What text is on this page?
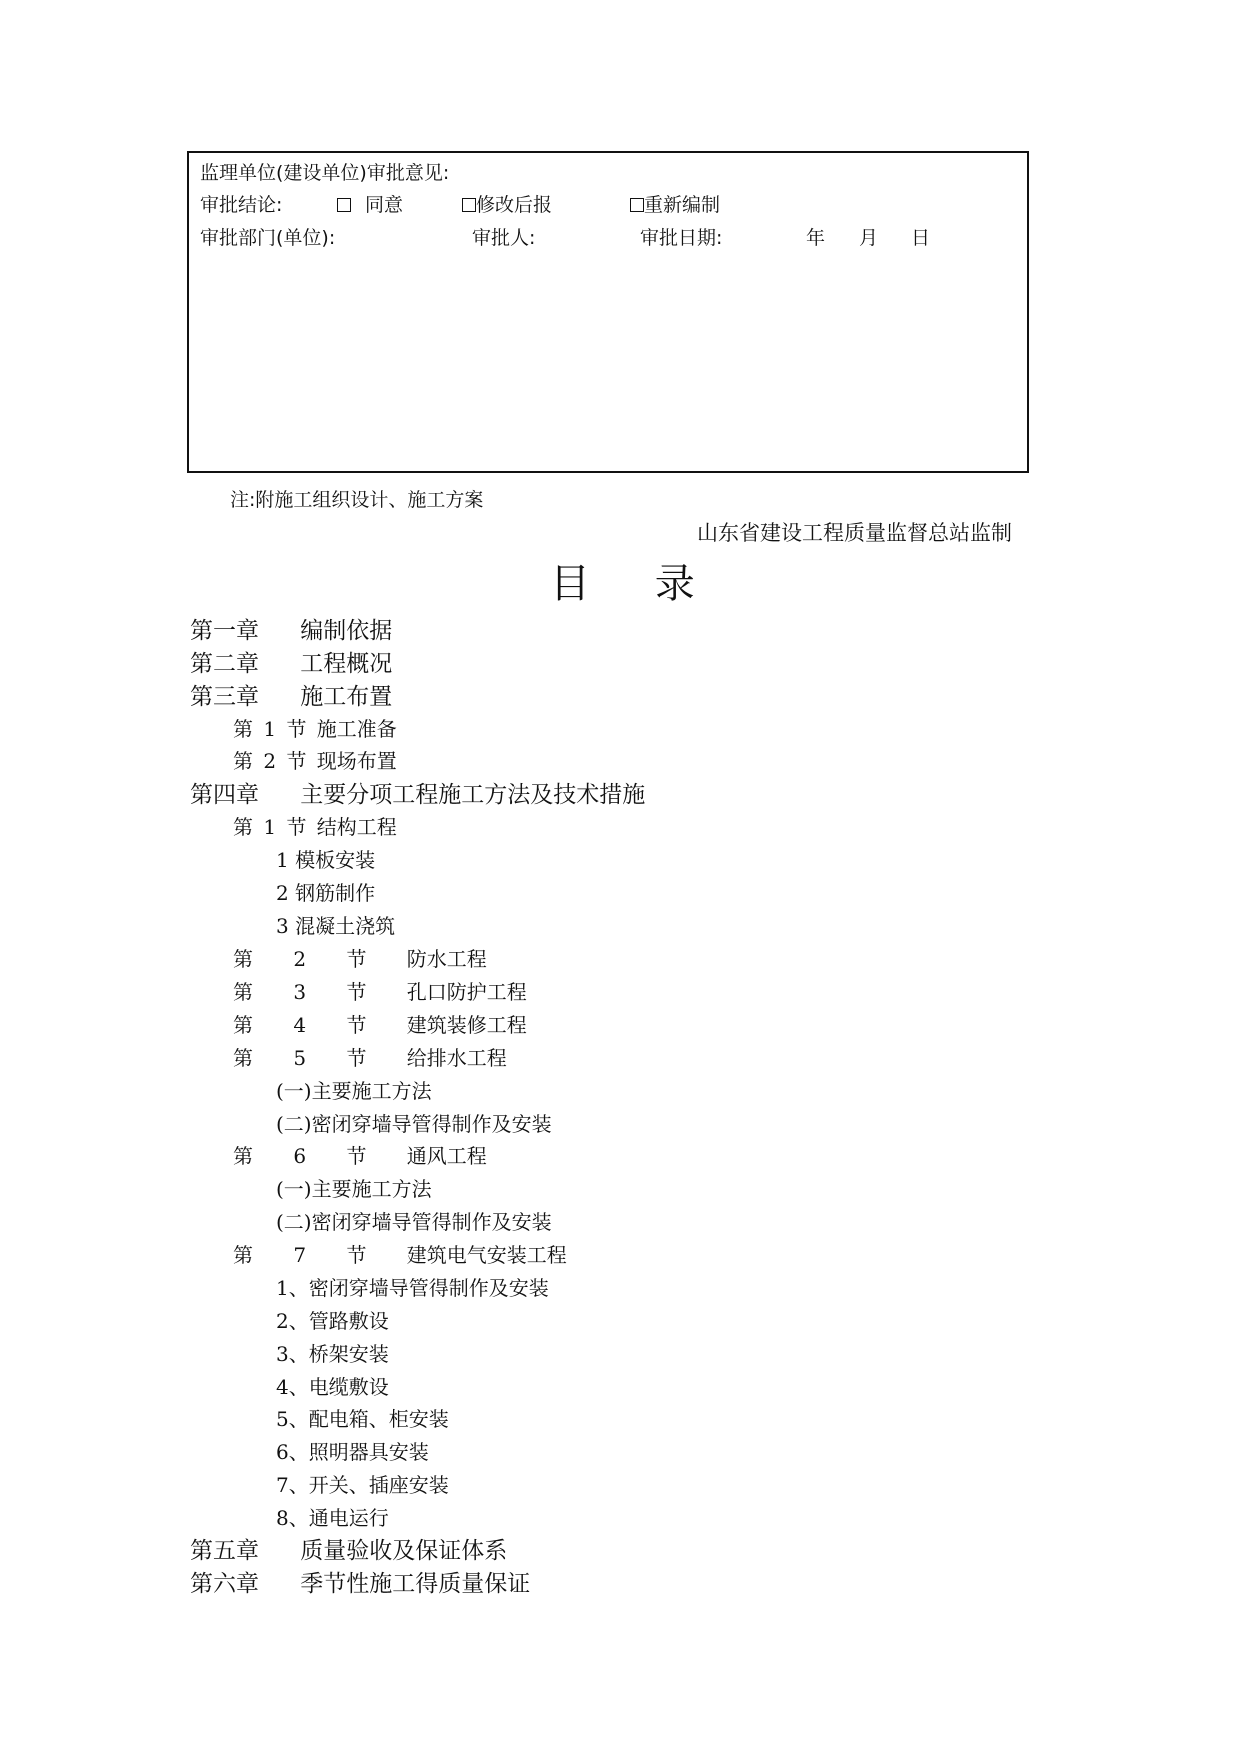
监理单位(建设单位)审批意见:
审批结论:	同意	修改后报	重新编制
审批部门(单位):	审批人:	审批日期:	年 月 日
注:附施工组织设计、施工方案
山东省建设工程质量监督总站监制
目 录
第一章 编制依据
第二章 工程概况
第三章 施工布置
第 1 节 施工准备
第 2 节 现场布置
第四章 主要分项工程施工方法及技术措施
第 1 节 结构工程
1 模板安装
2 钢筋制作
3 混凝土浇筑
第 2 节 防水工程
第 3 节 孔口防护工程
第 4 节 建筑装修工程
第 5 节 给排水工程
(一)主要施工方法
(二)密闭穿墙导管得制作及安装
第 6 节 通风工程
(一)主要施工方法
(二)密闭穿墙导管得制作及安装
第 7 节 建筑电气安装工程
1、密闭穿墙导管得制作及安装
2、管路敷设
3、桥架安装
4、电缆敷设
5、配电箱、柜安装
6、照明器具安装
7、开关、插座安装
8、通电运行
第五章 质量验收及保证体系
第六章 季节性施工得质量保证
